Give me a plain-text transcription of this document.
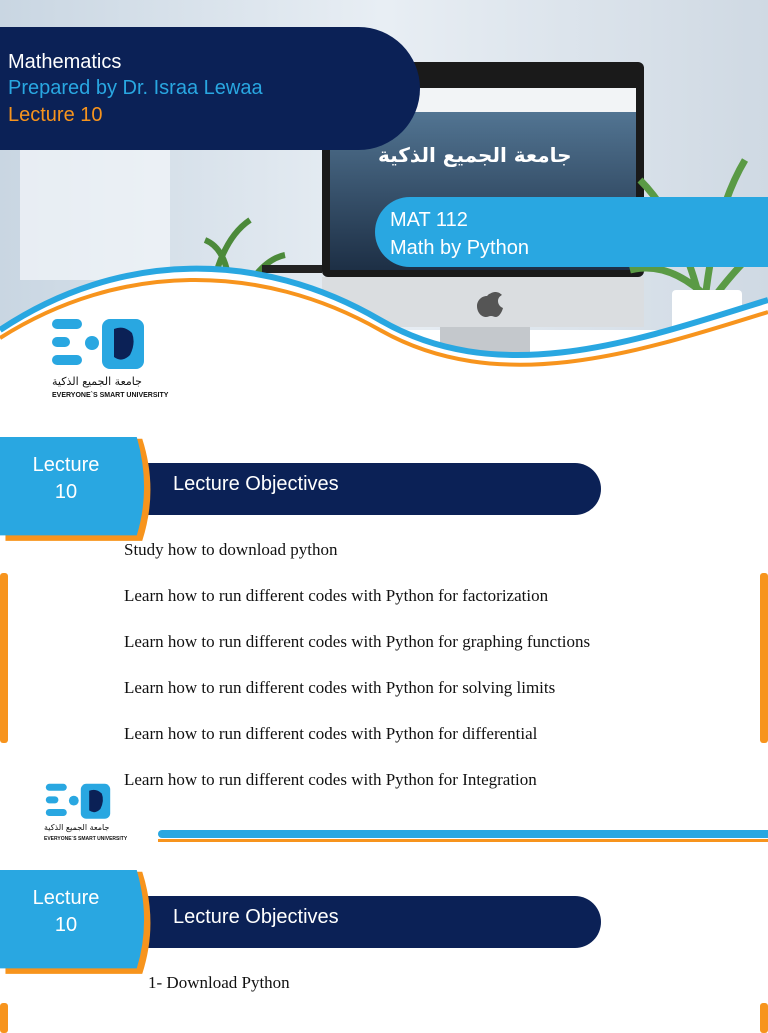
جامعة الجميع الذكية
Mathematics
Prepared by Dr. Israa Lewaa
Lecture 10
MAT 112
Math by Python
جامعة الجميع الذكية
EVERYONE`S SMART UNIVERSITY
Lecture Objectives
Lecture
10
Study how to download python
Learn how to run different codes with Python for factorization
Learn how to run different codes with Python for graphing functions
Learn how to run different codes with Python for solving limits
Learn how to run different codes with Python for differential
Learn how to run different codes with Python for Integration
جامعة الجميع الذكية
EVERYONE`S SMART UNIVERSITY
Lecture Objectives
Lecture
10
1- Download Python
